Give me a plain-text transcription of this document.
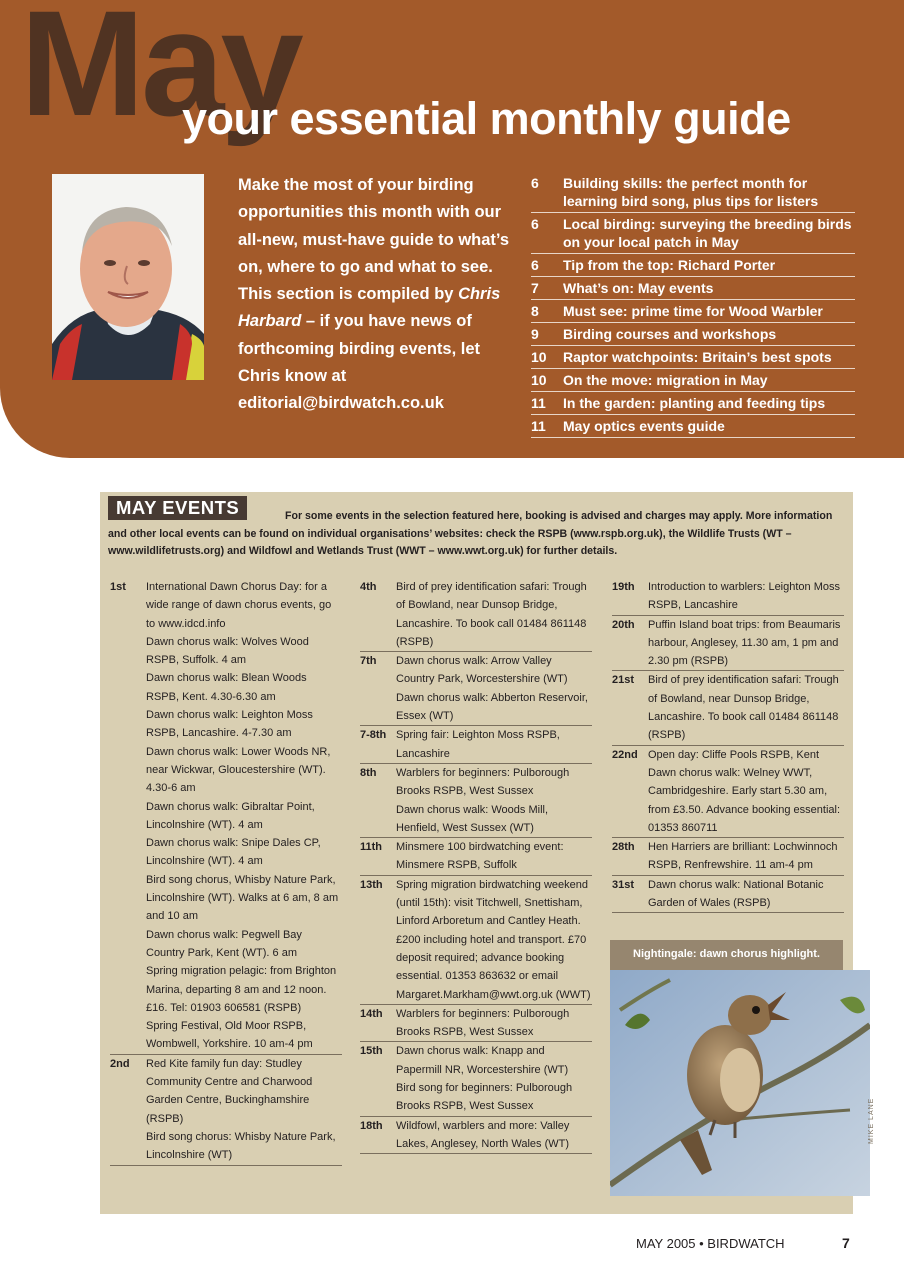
May
your essential monthly guide
Make the most of your birding opportunities this month with our all-new, must-have guide to what’s on, where to go and what to see. This section is compiled by Chris Harbard – if you have news of forthcoming birding events, let Chris know at editorial@birdwatch.co.uk
6	Building skills: the perfect month for learning bird song, plus tips for listers
6	Local birding: surveying the breeding birds on your local patch in May
6	Tip from the top: Richard Porter
7	What’s on: May events
8	Must see: prime time for Wood Warbler
9	Birding courses and workshops
10	Raptor watchpoints: Britain’s best spots
10	On the move: migration in May
11	In the garden: planting and feeding tips
11	May optics events guide
For some events in the selection featured here, booking is advised and charges may apply. More information and other local events can be found on individual organisations’ websites: check the RSPB (www.rspb.org.uk), the Wildlife Trusts (WT – www.wildlifetrusts.org) and Wildfowl and Wetlands Trust (WWT – www.wwt.org.uk) for further details.
MAY EVENTS
1st	International Dawn Chorus Day: for a wide range of dawn chorus events, go to www.idcd.info
Dawn chorus walk: Wolves Wood RSPB, Suffolk. 4 am
Dawn chorus walk: Blean Woods RSPB, Kent. 4.30-6.30 am
Dawn chorus walk: Leighton Moss RSPB, Lancashire. 4-7.30 am
Dawn chorus walk: Lower Woods NR, near Wickwar, Gloucestershire (WT). 4.30-6 am
Dawn chorus walk: Gibraltar Point, Lincolnshire (WT). 4 am
Dawn chorus walk: Snipe Dales CP, Lincolnshire (WT). 4 am
Bird song chorus, Whisby Nature Park, Lincolnshire (WT). Walks at 6 am, 8 am and 10 am
Dawn chorus walk: Pegwell Bay Country Park, Kent (WT). 6 am
Spring migration pelagic: from Brighton Marina, departing 8 am and 12 noon. £16. Tel: 01903 606581 (RSPB)
Spring Festival, Old Moor RSPB, Wombwell, Yorkshire. 10 am-4 pm
2nd	Red Kite family fun day: Studley Community Centre and Charwood Garden Centre, Buckinghamshire (RSPB)
Bird song chorus: Whisby Nature Park, Lincolnshire (WT)
4th	Bird of prey identification safari: Trough of Bowland, near Dunsop Bridge, Lancashire. To book call 01484 861148 (RSPB)
7th	Dawn chorus walk: Arrow Valley Country Park, Worcestershire (WT)
Dawn chorus walk: Abberton Reservoir, Essex (WT)
7-8th Spring fair: Leighton Moss RSPB, Lancashire
8th	Warblers for beginners: Pulborough Brooks RSPB, West Sussex
Dawn chorus walk: Woods Mill, Henfield, West Sussex (WT)
11th	Minsmere 100 birdwatching event: Minsmere RSPB, Suffolk
13th	Spring migration birdwatching weekend (until 15th): visit Titchwell, Snettisham, Linford Arboretum and Cantley Heath. £200 including hotel and transport. £70 deposit required; advance booking essential. 01353 863632 or email Margaret.Markham@wwt.org.uk (WWT)
14th	Warblers for beginners: Pulborough Brooks RSPB, West Sussex
15th	Dawn chorus walk: Knapp and Papermill NR, Worcestershire (WT)
Bird song for beginners: Pulborough Brooks RSPB, West Sussex
18th	Wildfowl, warblers and more: Valley Lakes, Anglesey, North Wales (WT)
19th	Introduction to warblers: Leighton Moss RSPB, Lancashire
20th	Puffin Island boat trips: from Beaumaris harbour, Anglesey, 11.30 am, 1 pm and 2.30 pm (RSPB)
21st	Bird of prey identification safari: Trough of Bowland, near Dunsop Bridge, Lancashire. To book call 01484 861148 (RSPB)
22nd Open day: Cliffe Pools RSPB, Kent
Dawn chorus walk: Welney WWT, Cambridgeshire. Early start 5.30 am, from £3.50. Advance booking essential: 01353 860711
28th	Hen Harriers are brilliant: Lochwinnoch RSPB, Renfrewshire. 11 am-4 pm
31st	Dawn chorus walk: National Botanic Garden of Wales (RSPB)
Nightingale: dawn chorus highlight.
MIKE LANE
MAY 2005 • BIRDWATCH	7
